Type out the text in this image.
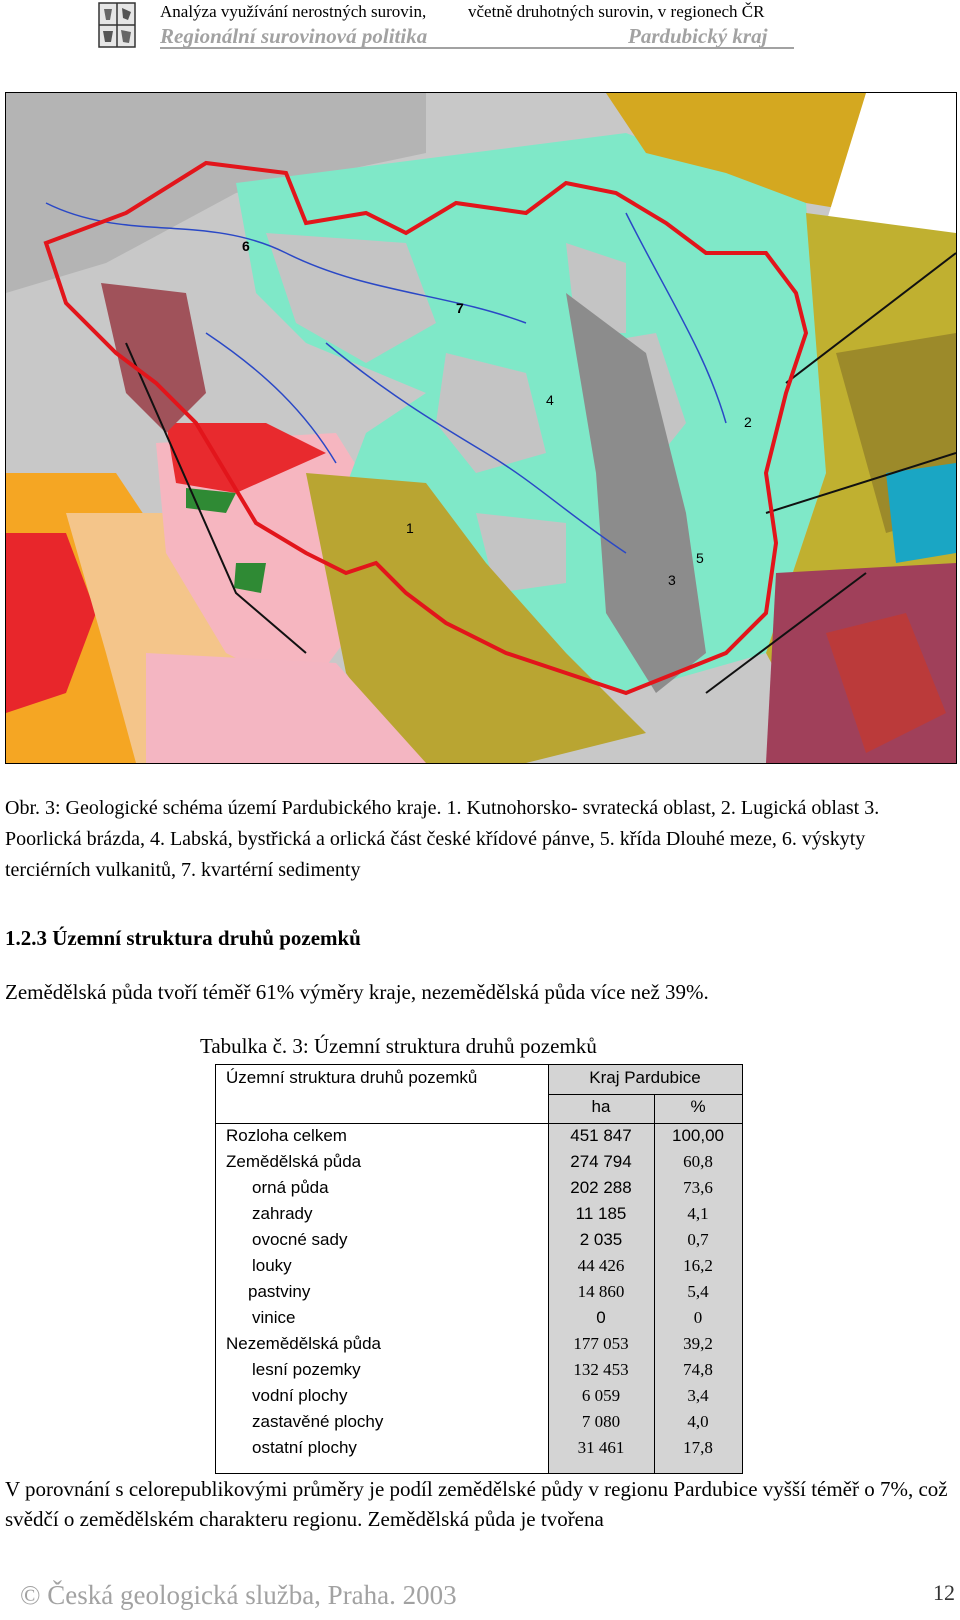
Analýza využívání nerostných surovin, včetně druhotných surovin, v regionech ČR
Regionální surovinová politika	Pardubický kraj
6
7
4
2
3
1
5
Obr. 3: Geologické schéma území Pardubického kraje. 1. Kutnohorsko- svratecká oblast, 2. Lugická oblast 3. Poorlická brázda, 4. Labská, bystřická a orlická část české křídové pánve, 5. křída Dlouhé meze, 6. výskyty terciérních vulkanitů, 7. kvartérní sedimenty
1.2.3 Územní struktura druhů pozemků
Zemědělská půda tvoří téměř 61% výměry kraje, nezemědělská půda více než 39%.
Tabulka č. 3: Územní struktura druhů pozemků
Územní struktura druhů pozemků	Kraj Pardubice
ha	%
Rozloha celkem	451 847	100,00
Zemědělská půda	274 794	60,8
orná půda	202 288	73,6
zahrady	11 185	4,1
ovocné sady	2 035	0,7
louky	44 426	16,2
pastviny	14 860	5,4
vinice	0	0
Nezemědělská půda	177 053	39,2
lesní pozemky	132 453	74,8
vodní plochy	6 059	3,4
zastavěné plochy	7 080	4,0
ostatní plochy	31 461	17,8
V porovnání s celorepublikovými průměry je podíl zemědělské půdy v regionu Pardubice vyšší téměř o 7%, což svědčí o zemědělském charakteru regionu. Zemědělská půda je tvořena
© Česká geologická služba, Praha. 2003	12
